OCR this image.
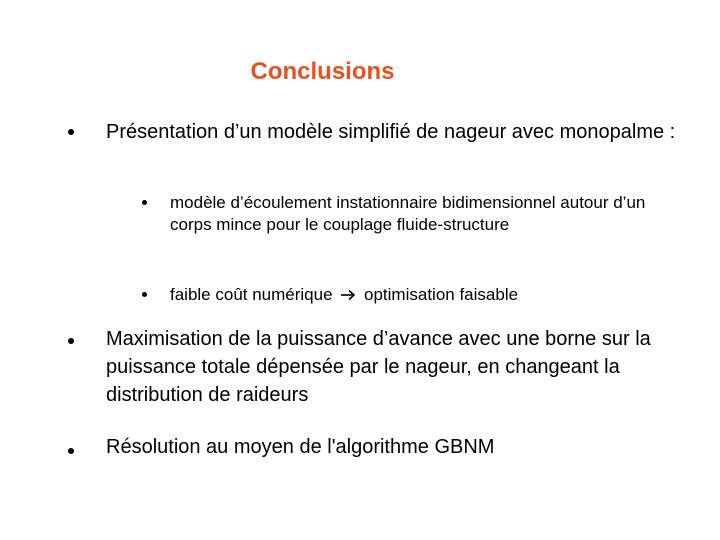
Conclusions
Présentation d’un modèle simplifié de nageur avec monopalme :
modèle d’écoulement instationnaire bidimensionnel autour d’un corps mince pour le couplage fluide-structure
faible coût numérique optimisation faisable
Maximisation de la puissance d’avance avec une borne sur la puissance totale dépensée par le nageur, en changeant la distribution de raideurs
Résolution au moyen de l'algorithme GBNM
